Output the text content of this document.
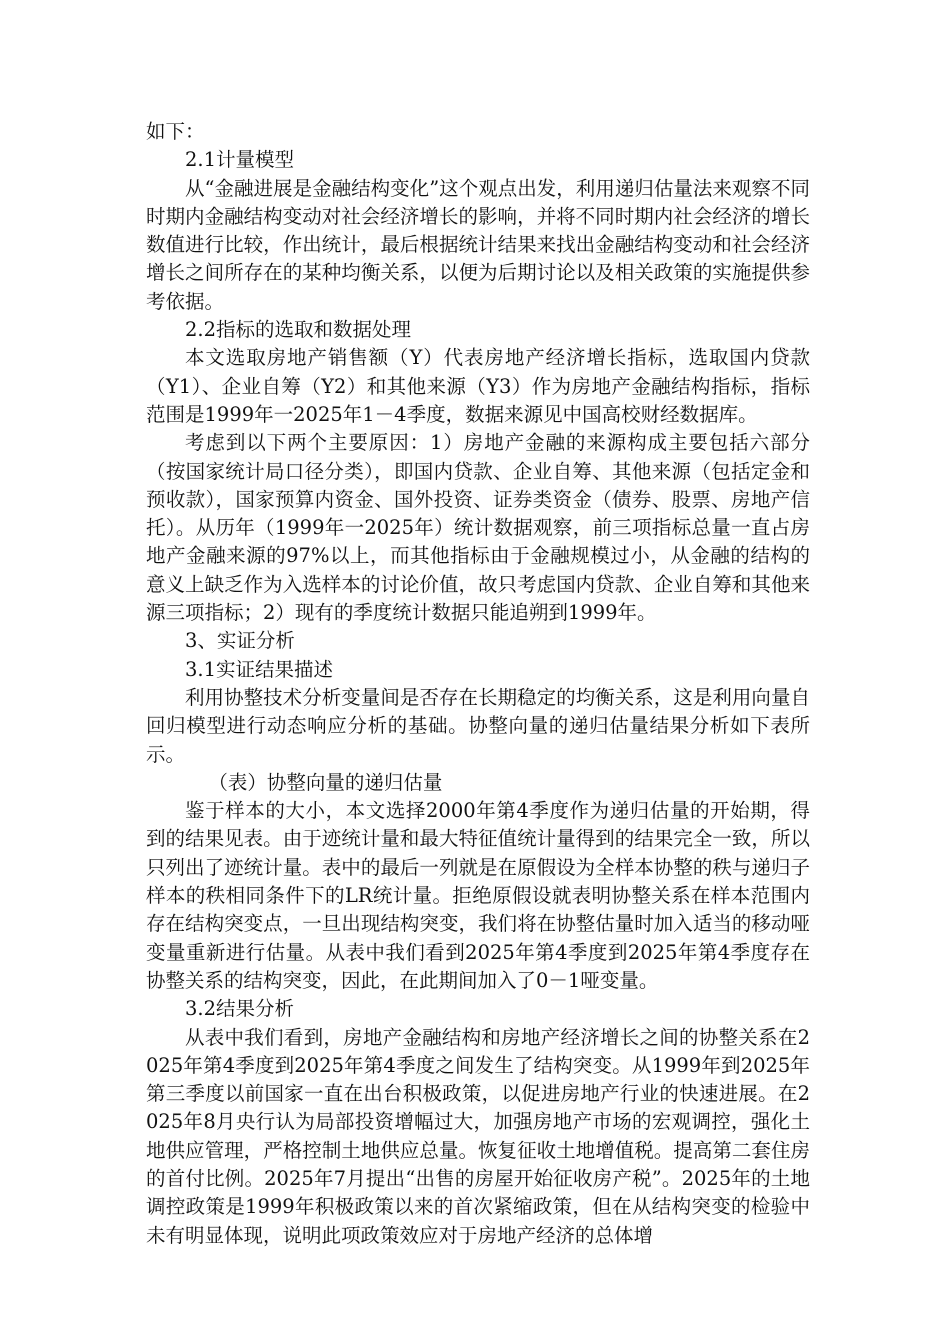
如下：

2.1计量模型

从“金融进展是金融结构变化”这个观点出发，利用递归估量法来观察不同时期内金融结构变动对社会经济增长的影响，并将不同时期内社会经济的增长数值进行比较，作出统计，最后根据统计结果来找出金融结构变动和社会经济增长之间所存在的某种均衡关系，以便为后期讨论以及相关政策的实施提供参考依据。

2.2指标的选取和数据处理

本文选取房地产销售额（Y）代表房地产经济增长指标，选取国内贷款（Y1）、企业自筹（Y2）和其他来源（Y3）作为房地产金融结构指标，指标范围是1999年一2025年1－4季度，数据来源见中国高校财经数据库。

考虑到以下两个主要原因：1）房地产金融的来源构成主要包括六部分（按国家统计局口径分类），即国内贷款、企业自筹、其他来源（包括定金和预收款），国家预算内资金、国外投资、证券类资金（债券、股票、房地产信托）。从历年（1999年一2025年）统计数据观察，前三项指标总量一直占房地产金融来源的97%以上，而其他指标由于金融规模过小，从金融的结构的意义上缺乏作为入选样本的讨论价值，故只考虑国内贷款、企业自筹和其他来源三项指标；2）现有的季度统计数据只能追朔到1999年。

3、实证分析

3.1实证结果描述

利用协整技术分析变量间是否存在长期稳定的均衡关系，这是利用向量自回归模型进行动态响应分析的基础。协整向量的递归估量结果分析如下表所示。

（表）协整向量的递归估量

鉴于样本的大小，本文选择2000年第4季度作为递归估量的开始期，得到的结果见表。由于迹统计量和最大特征值统计量得到的结果完全一致，所以只列出了迹统计量。表中的最后一列就是在原假设为全样本协整的秩与递归子样本的秩相同条件下的LR统计量。拒绝原假设就表明协整关系在样本范围内存在结构突变点，一旦出现结构突变，我们将在协整估量时加入适当的移动哑变量重新进行估量。从表中我们看到2025年第4季度到2025年第4季度存在协整关系的结构突变，因此，在此期间加入了0－1哑变量。

3.2结果分析

从表中我们看到，房地产金融结构和房地产经济增长之间的协整关系在2025年第4季度到2025年第4季度之间发生了结构突变。从1999年到2025年第三季度以前国家一直在出台积极政策，以促进房地产行业的快速进展。在2025年8月央行认为局部投资增幅过大，加强房地产市场的宏观调控，强化土地供应管理，严格控制土地供应总量。恢复征收土地增值税。提高第二套住房的首付比例。2025年7月提出“出售的房屋开始征收房产税”。2025年的土地调控政策是1999年积极政策以来的首次紧缩政策，但在从结构突变的检验中未有明显体现，说明此项政策效应对于房地产经济的总体增
